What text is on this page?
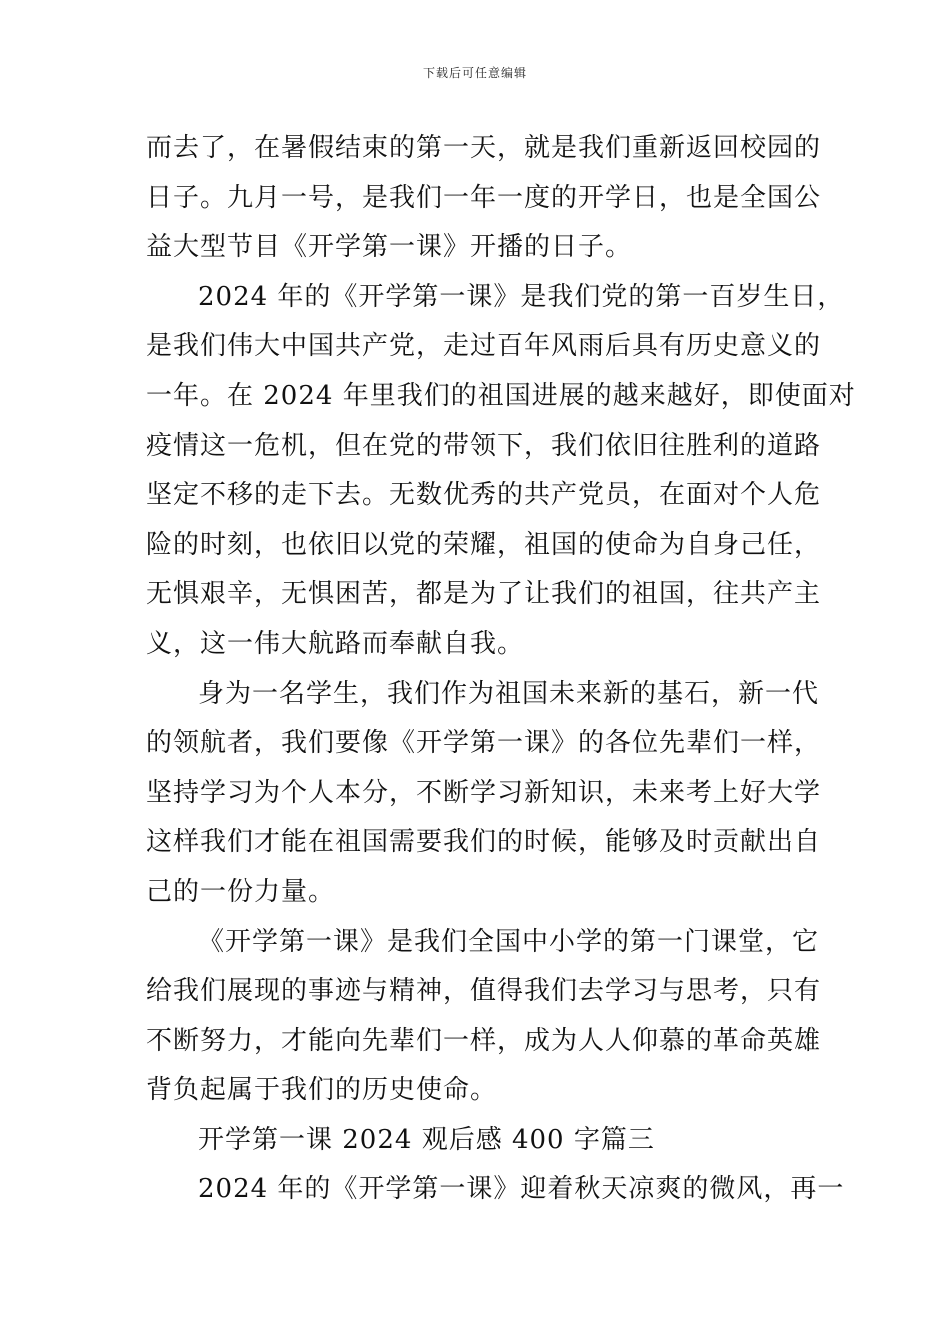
下载后可任意编辑
而去了，在暑假结束的第一天，就是我们重新返回校园的
日子。九月一号，是我们一年一度的开学日，也是全国公
益大型节目《开学第一课》开播的日子。
2024 年的《开学第一课》是我们党的第一百岁生日，
是我们伟大中国共产党，走过百年风雨后具有历史意义的
一年。在 2024 年里我们的祖国进展的越来越好，即使面对
疫情这一危机，但在党的带领下，我们依旧往胜利的道路
坚定不移的走下去。无数优秀的共产党员，在面对个人危
险的时刻，也依旧以党的荣耀，祖国的使命为自身己任，
无惧艰辛，无惧困苦，都是为了让我们的祖国，往共产主
义，这一伟大航路而奉献自我。
身为一名学生，我们作为祖国未来新的基石，新一代
的领航者，我们要像《开学第一课》的各位先辈们一样，
坚持学习为个人本分，不断学习新知识，未来考上好大学
这样我们才能在祖国需要我们的时候，能够及时贡献出自
己的一份力量。
《开学第一课》是我们全国中小学的第一门课堂，它
给我们展现的事迹与精神，值得我们去学习与思考，只有
不断努力，才能向先辈们一样，成为人人仰慕的革命英雄
背负起属于我们的历史使命。
开学第一课 2024 观后感 400 字篇三
2024 年的《开学第一课》迎着秋天凉爽的微风，再一
